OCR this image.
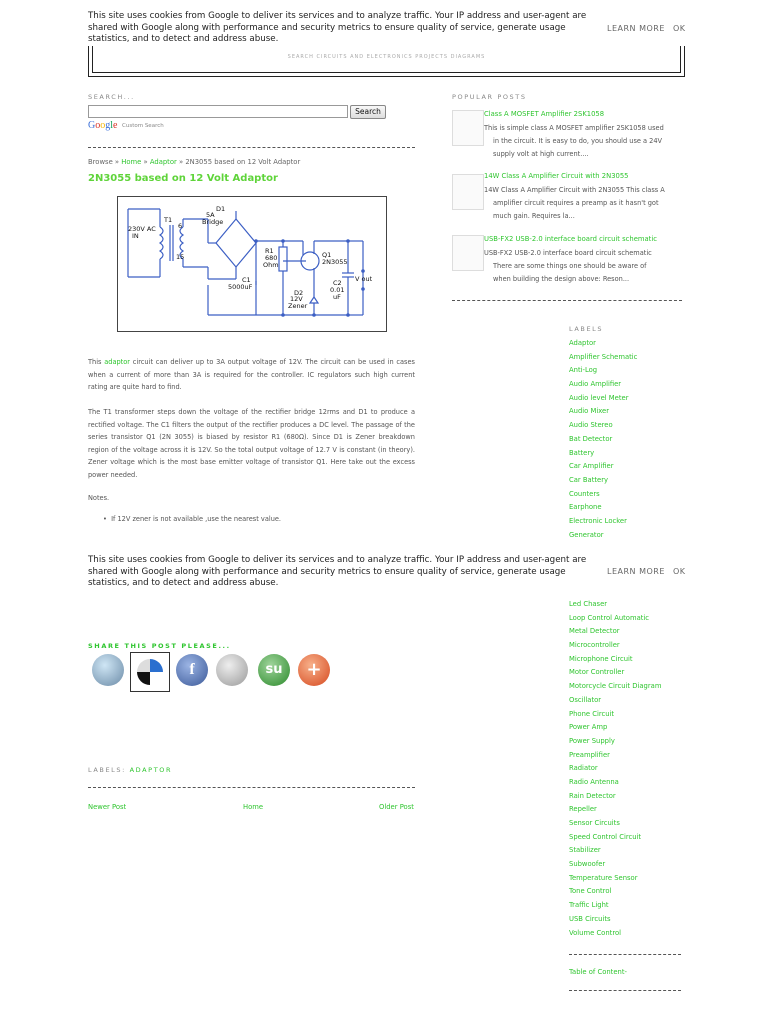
This site uses cookies from Google to deliver its services and to analyze traffic. Your IP address and user-agent are shared with Google along with performance and security metrics to ensure quality of service, generate usage statistics, and to detect and address abuse.
LEARN MORE OK
SEARCH CIRCUITS AND ELECTRONICS PROJECTS DIAGRAMS
SEARCH...
Search
Google Custom Search
Browse » Home » Adaptor » 2N3055 based on 12 Volt Adaptor
2N3055 based on 12 Volt Adaptor
230V AC
IN
T1
6
15
D1
5A
Bridge
R1
680
Ohm
Q1
2N3055
C1
5000uF
D2
12V
Zener
C2
0.01
uF
V out
This adaptor circuit can deliver up to 3A output voltage of 12V. The circuit can be used in cases when a current of more than 3A is required for the controller. IC regulators such high current rating are quite hard to find.
The T1 transformer steps down the voltage of the rectifier bridge 12rms and D1 to produce a rectified voltage. The C1 filters the output of the rectifier produces a DC level. The passage of the series transistor Q1 (2N 3055) is biased by resistor R1 (680Ω). Since D1 is Zener breakdown region of the voltage across it is 12V. So the total output voltage of 12.7 V is constant (in theory). Zener voltage which is the most base emitter voltage of transistor Q1. Here take out the excess power needed.
Notes.
•  If 12V zener is not available ,use the nearest value.
This site uses cookies from Google to deliver its services and to analyze traffic. Your IP address and user-agent are shared with Google along with performance and security metrics to ensure quality of service, generate usage statistics, and to detect and address abuse.
LEARN MORE OK
SHARE THIS POST PLEASE...
f	su	+
LABELS: ADAPTOR
Newer Post	Home	Older Post
POPULAR POSTS
Class A MOSFET Amplifier 2SK1058
This is simple class A MOSFET amplifier 2SK1058 used
in the circuit. It is easy to do, you should use a 24V
supply volt at high current....
14W Class A Amplifier Circuit with 2N3055
14W Class A Amplifier Circuit with 2N3055 This class A
amplifier circuit requires a preamp as it hasn't got
much gain. Requires la...
USB-FX2 USB-2.0 interface board circuit schematic
USB-FX2 USB-2.0 interface board circuit schematic
There are some things one should be aware of
when building the design above: Reson...
LABELS
Adaptor
Amplifier Schematic
Anti-Log
Audio Amplifier
Audio level Meter
Audio Mixer
Audio Stereo
Bat Detector
Battery
Car Amplifier
Car Battery
Counters
Earphone
Electronic Locker
Generator
Led Chaser
Loop Control Automatic
Metal Detector
Microcontroller
Microphone Circuit
Motor Controller
Motorcycle Circuit Diagram
Oscillator
Phone Circuit
Power Amp
Power Supply
Preamplifier
Radiator
Radio Antenna
Rain Detector
Repeller
Sensor Circuits
Speed Control Circuit
Stabilizer
Subwoofer
Temperature Sensor
Tone Control
Traffic Light
USB Circuits
Volume Control
Table of Content-
